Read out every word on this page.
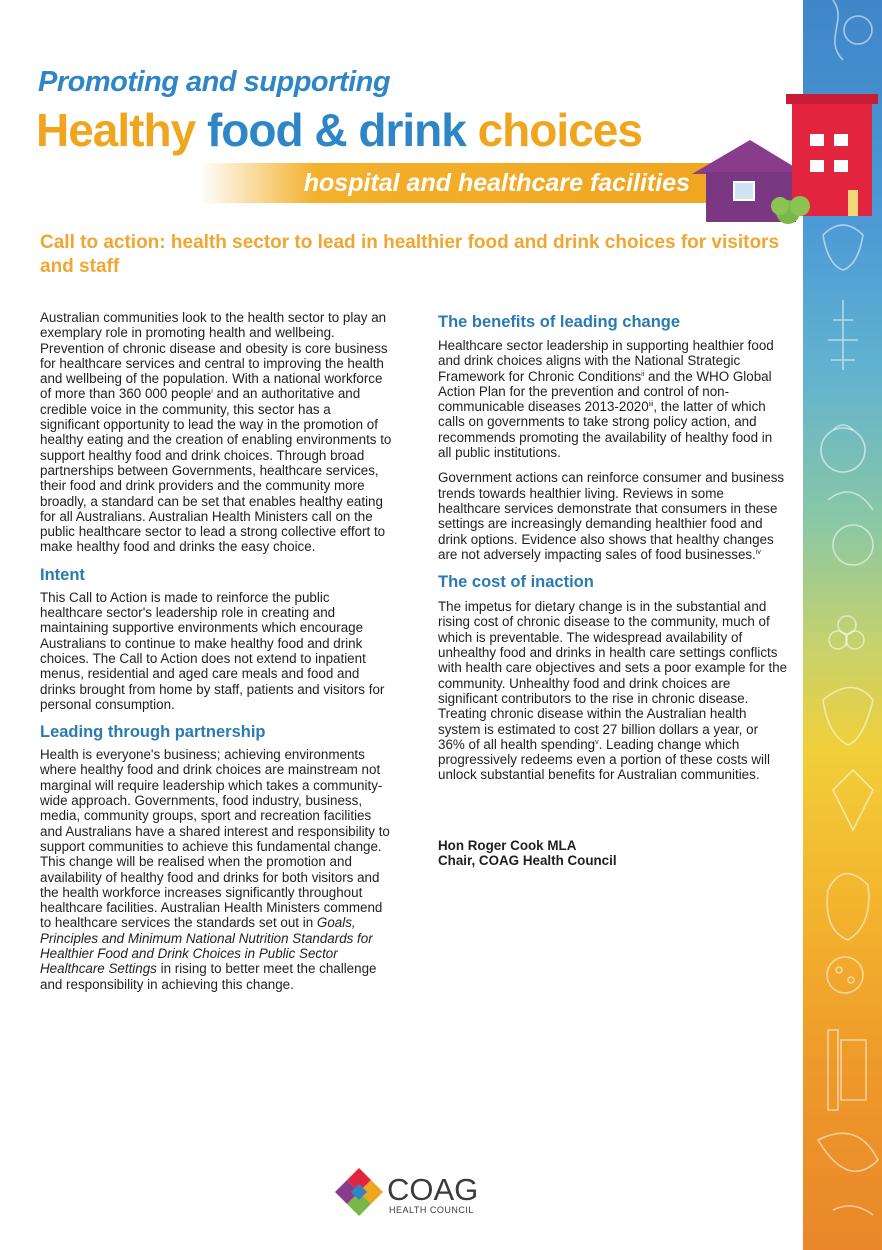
Promoting and supporting
Healthy food & drink choices
hospital and healthcare facilities
Call to action: health sector to lead in healthier food and drink choices for visitors and staff

Australian communities look to the health sector to play an exemplary role in promoting health and wellbeing. Prevention of chronic disease and obesity is core business for healthcare services and central to improving the health and wellbeing of the population. With a national workforce of more than 360 000 people$^i$ and an authoritative and credible voice in the community, this sector has a significant opportunity to lead the way in the promotion of healthy eating and the creation of enabling environments to support healthy food and drink choices. Through broad partnerships between Governments, healthcare services, their food and drink providers and the community more broadly, a standard can be set that enables healthy eating for all Australians. Australian Health Ministers call on the public healthcare sector to lead a strong collective effort to make healthy food and drinks the easy choice.

Intent

This Call to Action is made to reinforce the public healthcare sector's leadership role in creating and maintaining supportive environments which encourage Australians to continue to make healthy food and drink choices. The Call to Action does not extend to inpatient menus, residential and aged care meals and food and drinks brought from home by staff, patients and visitors for personal consumption.

Leading through partnership

Health is everyone's business; achieving environments where healthy food and drink choices are mainstream not marginal will require leadership which takes a community-wide approach. Governments, food industry, business, media, community groups, sport and recreation facilities and Australians have a shared interest and responsibility to support communities to achieve this fundamental change. This change will be realised when the promotion and availability of healthy food and drinks for both visitors and the health workforce increases significantly throughout healthcare facilities. Australian Health Ministers commend to healthcare services the standards set out in Goals, Principles and Minimum National Nutrition Standards for Healthier Food and Drink Choices in Public Sector Healthcare Settings in rising to better meet the challenge and responsibility in achieving this change.

The benefits of leading change

Healthcare sector leadership in supporting healthier food and drink choices aligns with the National Strategic Framework for Chronic Conditions$^{ii}$ and the WHO Global Action Plan for the prevention and control of non-communicable diseases 2013-2020$^{iii}$, the latter of which calls on governments to take strong policy action, and recommends promoting the availability of healthy food in all public institutions.

Government actions can reinforce consumer and business trends towards healthier living. Reviews in some healthcare services demonstrate that consumers in these settings are increasingly demanding healthier food and drink options. Evidence also shows that healthy changes are not adversely impacting sales of food businesses.$^{iv}$

The cost of inaction

The impetus for dietary change is in the substantial and rising cost of chronic disease to the community, much of which is preventable. The widespread availability of unhealthy food and drinks in health care settings conflicts with health care objectives and sets a poor example for the community. Unhealthy food and drink choices are significant contributors to the rise in chronic disease. Treating chronic disease within the Australian health system is estimated to cost 27 billion dollars a year, or 36% of all health spending$^v$. Leading change which progressively redeems even a portion of these costs will unlock substantial benefits for Australian communities.

Hon Roger Cook MLA

Chair, COAG Health Council

COAG
HEALTH COUNCIL
